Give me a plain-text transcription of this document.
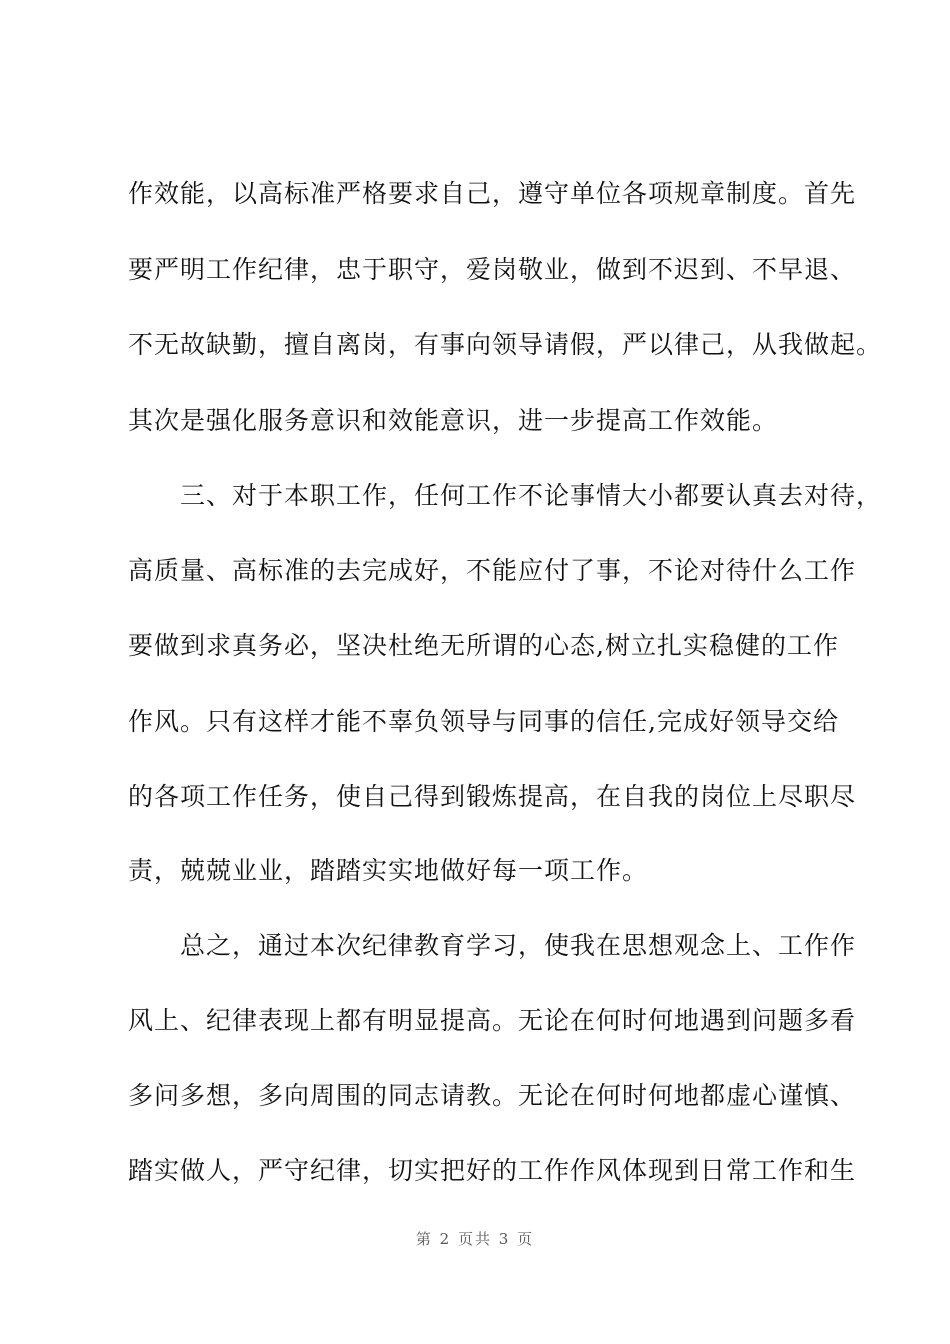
作效能，以高标准严格要求自己，遵守单位各项规章制度。首先
要严明工作纪律，忠于职守，爱岗敬业，做到不迟到、不早退、
不无故缺勤，擅自离岗，有事向领导请假，严以律己，从我做起。
其次是强化服务意识和效能意识，进一步提高工作效能。
　　三、对于本职工作，任何工作不论事情大小都要认真去对待，
高质量、高标准的去完成好，不能应付了事，不论对待什么工作
要做到求真务必，坚决杜绝无所谓的心态,树立扎实稳健的工作
作风。只有这样才能不辜负领导与同事的信任,完成好领导交给
的各项工作任务，使自己得到锻炼提高，在自我的岗位上尽职尽
责，兢兢业业，踏踏实实地做好每一项工作。
　　总之，通过本次纪律教育学习，使我在思想观念上、工作作
风上、纪律表现上都有明显提高。无论在何时何地遇到问题多看
多问多想，多向周围的同志请教。无论在何时何地都虚心谨慎、
踏实做人，严守纪律，切实把好的工作作风体现到日常工作和生
第 2 页共 3 页
